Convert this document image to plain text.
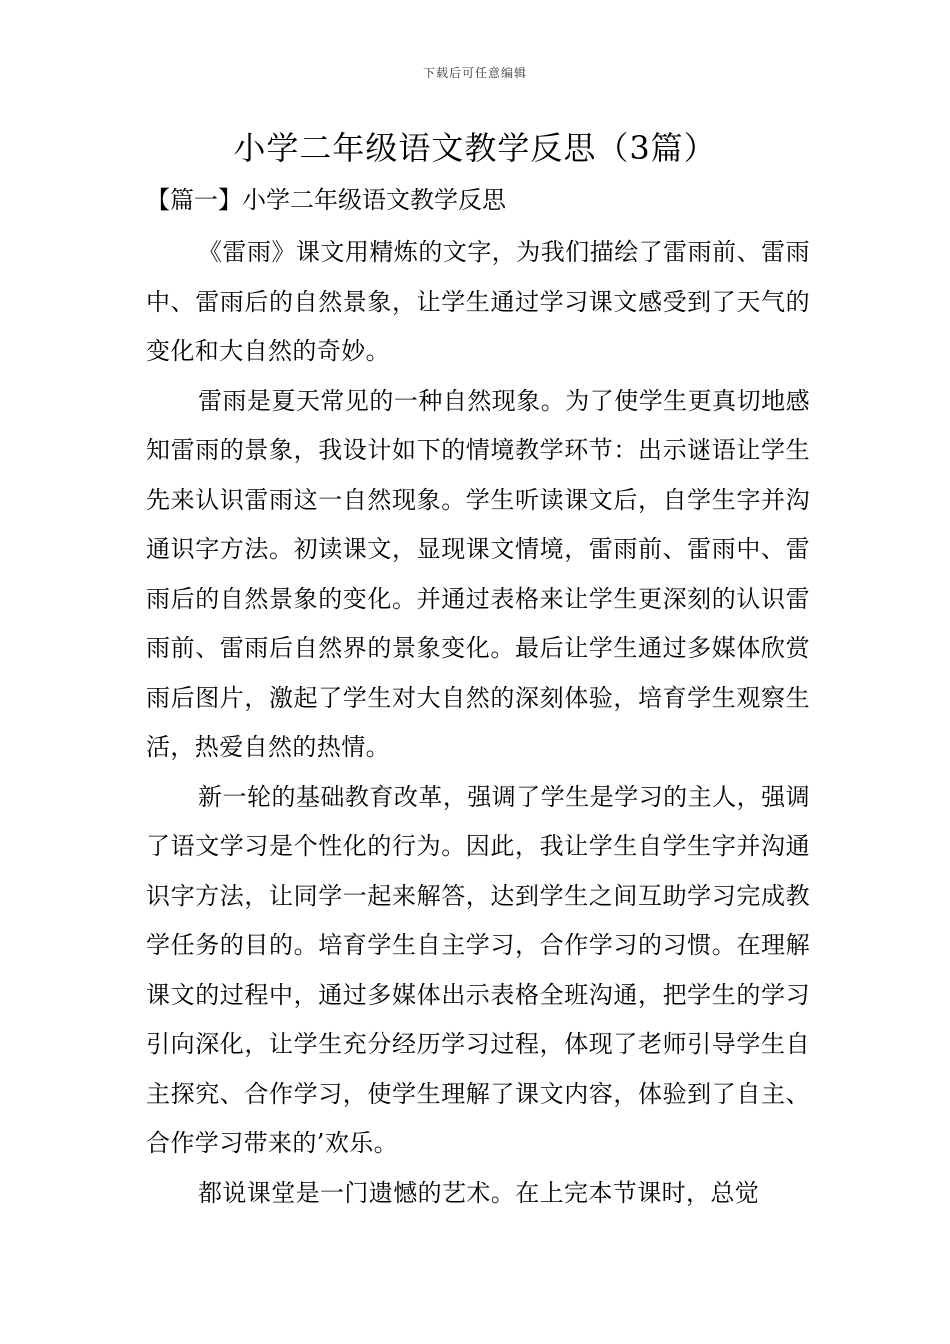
下载后可任意编辑
小学二年级语文教学反思（3篇）
【篇一】小学二年级语文教学反思

《雷雨》课文用精炼的文字，为我们描绘了雷雨前、雷雨中、雷雨后的自然景象，让学生通过学习课文感受到了天气的变化和大自然的奇妙。

雷雨是夏天常见的一种自然现象。为了使学生更真切地感知雷雨的景象，我设计如下的情境教学环节：出示谜语让学生先来认识雷雨这一自然现象。学生听读课文后，自学生字并沟通识字方法。初读课文，显现课文情境，雷雨前、雷雨中、雷雨后的自然景象的变化。并通过表格来让学生更深刻的认识雷雨前、雷雨后自然界的景象变化。最后让学生通过多媒体欣赏雨后图片，激起了学生对大自然的深刻体验，培育学生观察生活，热爱自然的热情。

新一轮的基础教育改革，强调了学生是学习的主人，强调了语文学习是个性化的行为。因此，我让学生自学生字并沟通识字方法，让同学一起来解答，达到学生之间互助学习完成教学任务的目的。培育学生自主学习，合作学习的习惯。在理解课文的过程中，通过多媒体出示表格全班沟通，把学生的学习引向深化，让学生充分经历学习过程，体现了老师引导学生自主探究、合作学习，使学生理解了课文内容，体验到了自主、合作学习带来的’欢乐。

都说课堂是一门遗憾的艺术。在上完本节课时，总觉
